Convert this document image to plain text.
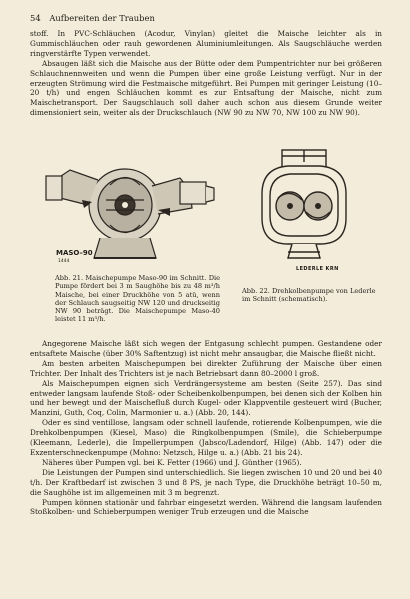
54 Aufbereiten der Trauben

stoff. In PVC-Schläuchen (Acodur, Vinylan) gleitet die Maische leichter als in Gummischläuchen oder rauh gewordenen Aluminiumleitungen. Als Saugschläuche werden ringverstärfte Typen verwendet.

Absaugen läßt sich die Maische aus der Bütte oder dem Pumpentrichter nur bei größeren Schlauchnennweiten und wenn die Pumpen über eine große Leistung verfügt. Nur in der erzeugten Strömung wird die Festmaische mitgeführt. Bei Pumpen mit geringer Leistung (10–20 t/h) und engen Schläuchen kommt es zur Entsaftung der Maische, nicht zum Maischetransport. Der Saugschlauch soll daher auch schon aus diesem Grunde weiter dimensioniert sein, weiter als der Druckschlauch (NW 90 zu NW 70, NW 100 zu NW 90).

MASO–90
1444
LEDERLE KRN
Abb. 21. Maischepumpe Maso-90 im Schnitt. Die Pumpe fördert bei 3 m Saughöhe bis zu 48 m³/h Maische, bei einer Druckhöhe von 5 atü, wenn der Schlauch saugseitig NW 120 und druckseitig NW 90 beträgt. Die Maischepumpe Maso-40 leistet 11 m³/h.
Abb. 22. Drehkolbenpumpe von Lederle im Schnitt (schematisch).

Angegorene Maische läßt sich wegen der Entgasung schlecht pumpen. Gestandene oder entsaftete Maische (über 30% Saftentzug) ist nicht mehr ansaugbar, die Maische fließt nicht.

Am besten arbeiten Maischepumpen bei direkter Zuführung der Maische über einen Trichter. Der Inhalt des Trichters ist je nach Betriebsart dann 80–2000 l groß.

Als Maischepumpen eignen sich Verdrängersysteme am besten (Seite 257). Das sind entweder langsam laufende Stoß- oder Scheibenkolbenpumpen, bei denen sich der Kolben hin und her bewegt und der Maischefluß durch Kugel- oder Klappventile gesteuert wird (Bucher, Manzini, Guth, Coq, Colin, Marmonier u. a.) (Abb. 20, 144).

Oder es sind ventillose, langsam oder schnell laufende, rotierende Kolbenpumpen, wie die Drehkolbenpumpen (Kiesel, Maso) die Ringkolbenpumpen (Smile), die Schieberpumpe (Kleemann, Lederle), die Impellerpumpen (Jabsco/Ladendorf, Hilge) (Abb. 147) oder die Exzenterschneckenpumpe (Mohno: Netzsch, Hilge u. a.) (Abb. 21 bis 24).

Näheres über Pumpen vgl. bei K. Fetter (1966) und J. Günther (1965).

Die Leistungen der Pumpen sind unterschiedlich. Sie liegen zwischen 10 und 20 und bei 40 t/h. Der Kraftbedarf ist zwischen 3 und 8 PS, je nach Type, die Druckhöhe beträgt 10–50 m, die Saughöhe ist im allgemeinen mit 3 m begrenzt.

Pumpen können stationär und fahrbar eingesetzt werden. Während die langsam laufenden Stoßkolben- und Schieberpumpen weniger Trub erzeugen und die Maische
